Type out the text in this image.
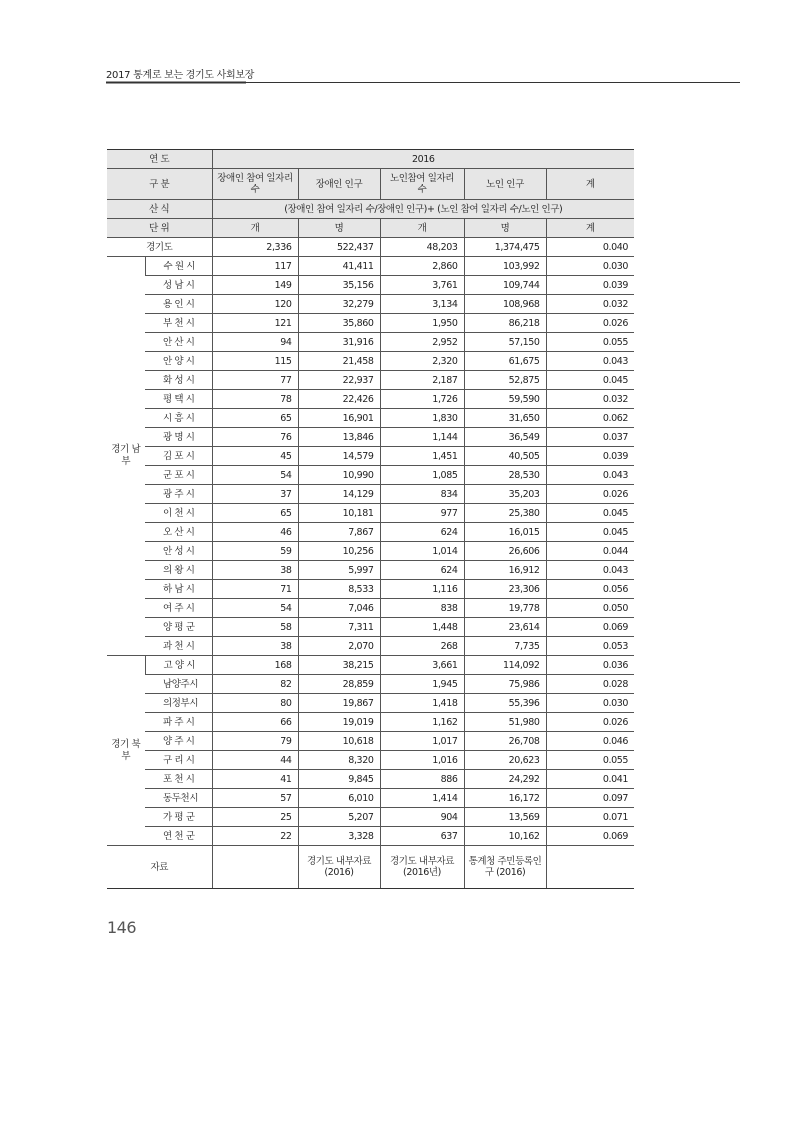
2017 통계로 보는 경기도 사회보장
연 도		2016				
구 분		장애인 참여 일자리 수	장애인 인구	노인참여 일자리 수	노인 인구	계
산 식		(장애인 참여 일자리 수/장애인 인구)+ (노인 참여 일자리 수/노인 인구)				
단 위		개	명	개	명	계
경기도		2,336	522,437	48,203	1,374,475	0.040
경기 남부	수 원 시	117	41,411	2,860	103,992	0.030
	성 남 시	149	35,156	3,761	109,744	0.039
	용 인 시	120	32,279	3,134	108,968	0.032
	부 천 시	121	35,860	1,950	86,218	0.026
	안 산 시	94	31,916	2,952	57,150	0.055
	안 양 시	115	21,458	2,320	61,675	0.043
	화 성 시	77	22,937	2,187	52,875	0.045
	평 택 시	78	22,426	1,726	59,590	0.032
	시 흥 시	65	16,901	1,830	31,650	0.062
	광 명 시	76	13,846	1,144	36,549	0.037
	김 포 시	45	14,579	1,451	40,505	0.039
	군 포 시	54	10,990	1,085	28,530	0.043
	광 주 시	37	14,129	834	35,203	0.026
	이 천 시	65	10,181	977	25,380	0.045
	오 산 시	46	7,867	624	16,015	0.045
	안 성 시	59	10,256	1,014	26,606	0.044
	의 왕 시	38	5,997	624	16,912	0.043
	하 남 시	71	8,533	1,116	23,306	0.056
	여 주 시	54	7,046	838	19,778	0.050
	양 평 군	58	7,311	1,448	23,614	0.069
	과 천 시	38	2,070	268	7,735	0.053
경기 북부	고 양 시	168	38,215	3,661	114,092	0.036
	남양주시	82	28,859	1,945	75,986	0.028
	의정부시	80	19,867	1,418	55,396	0.030
	파 주 시	66	19,019	1,162	51,980	0.026
	양 주 시	79	10,618	1,017	26,708	0.046
	구 리 시	44	8,320	1,016	20,623	0.055
	포 천 시	41	9,845	886	24,292	0.041
	동두천시	57	6,010	1,414	16,172	0.097
	가 평 군	25	5,207	904	13,569	0.071
	연 천 군	22	3,328	637	10,162	0.069
자료			경기도 내부자료 (2016)	경기도 내부자료 (2016년)	통계청 주민등록인구 (2016)	
146
